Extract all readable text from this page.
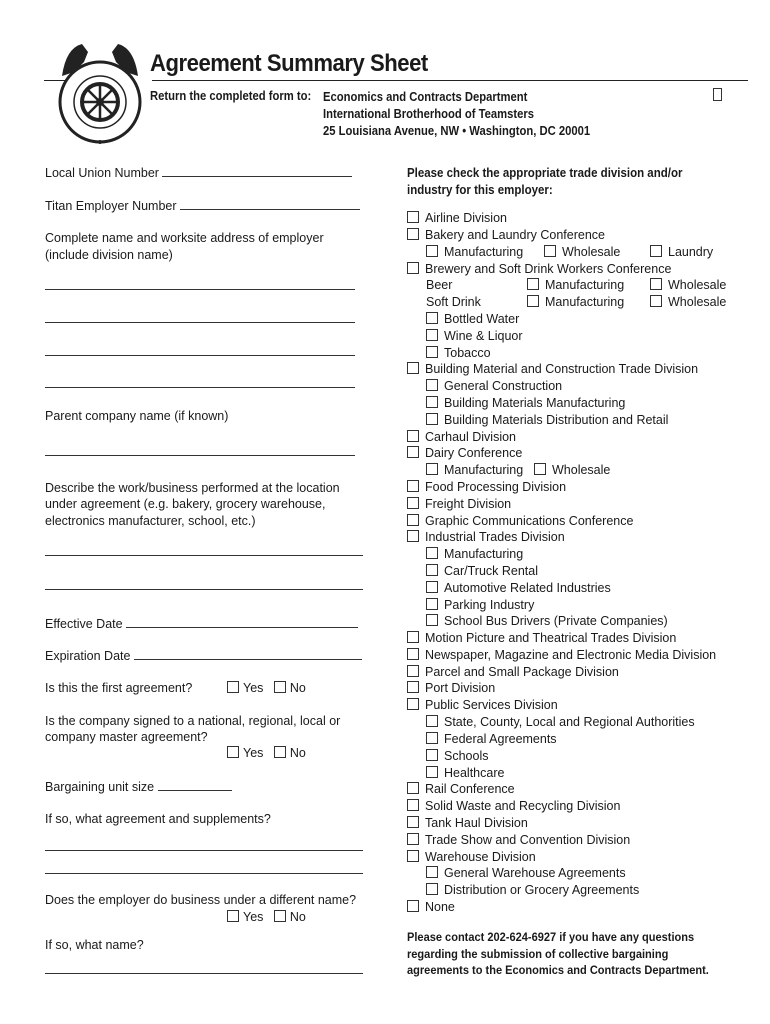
Agreement Summary Sheet
Return the completed form to: Economics and Contracts Department
International Brotherhood of Teamsters
25 Louisiana Avenue, NW • Washington, DC 20001
Local Union Number
Titan Employer Number
Complete name and worksite address of employer
(include division name)
Parent company name (if known)
Describe the work/business performed at the location
under agreement (e.g. bakery, grocery warehouse,
electronics manufacturer, school, etc.)
Effective Date
Expiration Date
Is this the first agreement?	Yes No
Is the company signed to a national, regional, local or
company master agreement?
Yes No
Bargaining unit size
If so, what agreement and supplements?
Does the employer do business under a different name?
Yes No
If so, what name?
Please check the appropriate trade division and/or
industry for this employer:
Airline Division
Bakery and Laundry Conference
Manufacturing	Wholesale	Laundry
Brewery and Soft Drink Workers Conference
Beer	Manufacturing	Wholesale
Soft Drink	Manufacturing	Wholesale
Bottled Water
Wine & Liquor
Tobacco
Building Material and Construction Trade Division
General Construction
Building Materials Manufacturing
Building Materials Distribution and Retail
Carhaul Division
Dairy Conference
Manufacturing	Wholesale
Food Processing Division
Freight Division
Graphic Communications Conference
Industrial Trades Division
Manufacturing
Car/Truck Rental
Automotive Related Industries
Parking Industry
School Bus Drivers (Private Companies)
Motion Picture and Theatrical Trades Division
Newspaper, Magazine and Electronic Media Division
Parcel and Small Package Division
Port Division
Public Services Division
State, County, Local and Regional Authorities
Federal Agreements
Schools
Healthcare
Rail Conference
Solid Waste and Recycling Division
Tank Haul Division
Trade Show and Convention Division
Warehouse Division
General Warehouse Agreements
Distribution or Grocery Agreements
None
Please contact 202-624-6927 if you have any questions
regarding the submission of collective bargaining
agreements to the Economics and Contracts Department.
